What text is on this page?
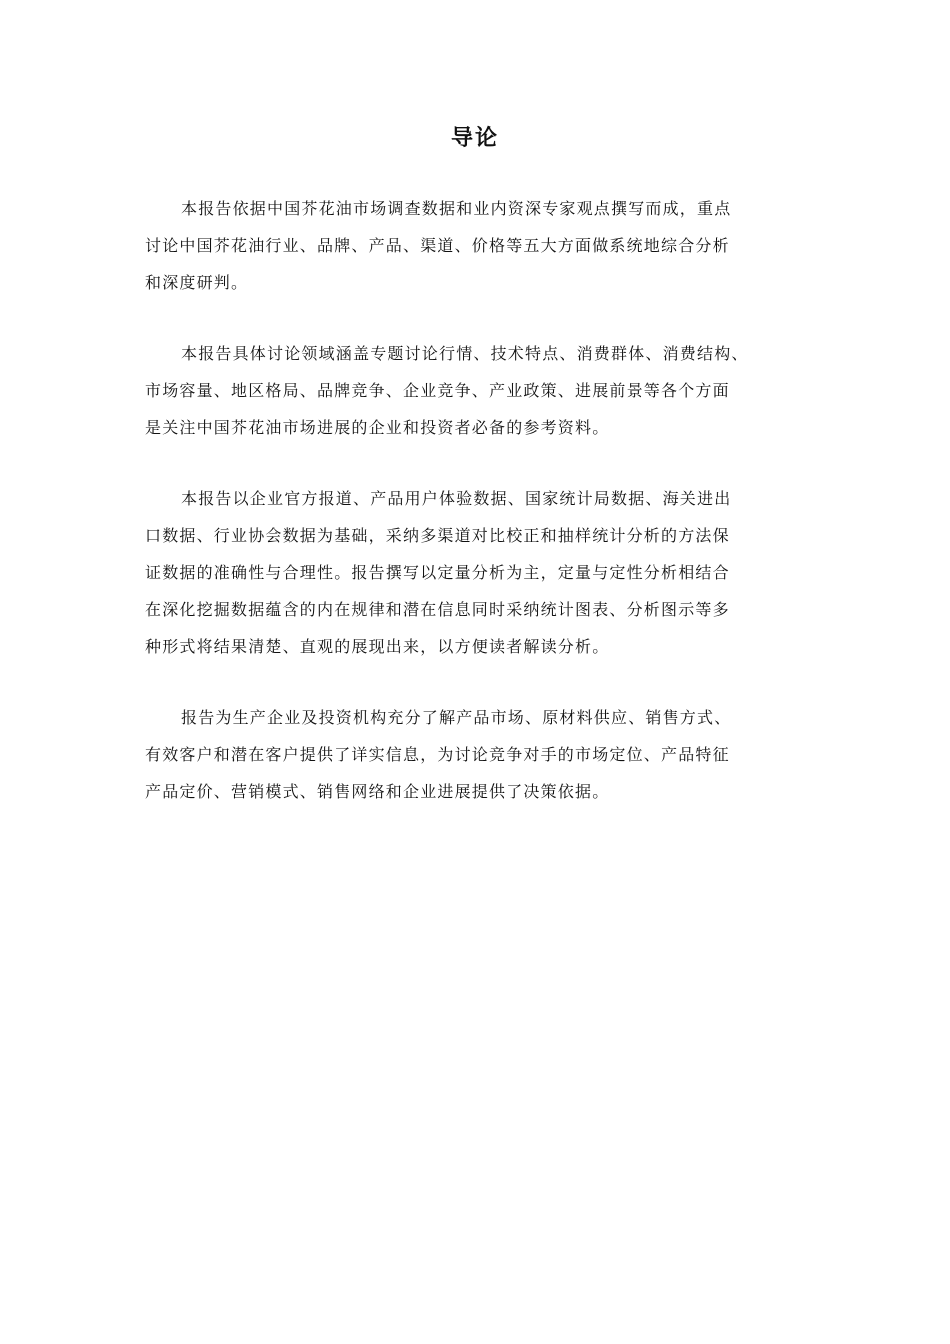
导论

本报告依据中国芥花油市场调查数据和业内资深专家观点撰写而成，重点
讨论中国芥花油行业、品牌、产品、渠道、价格等五大方面做系统地综合分析
和深度研判。

本报告具体讨论领域涵盖专题讨论行情、技术特点、消费群体、消费结构、
市场容量、地区格局、品牌竞争、企业竞争、产业政策、进展前景等各个方面
是关注中国芥花油市场进展的企业和投资者必备的参考资料。

本报告以企业官方报道、产品用户体验数据、国家统计局数据、海关进出
口数据、行业协会数据为基础，采纳多渠道对比校正和抽样统计分析的方法保
证数据的准确性与合理性。报告撰写以定量分析为主，定量与定性分析相结合
在深化挖掘数据蕴含的内在规律和潜在信息同时采纳统计图表、分析图示等多
种形式将结果清楚、直观的展现出来，以方便读者解读分析。

报告为生产企业及投资机构充分了解产品市场、原材料供应、销售方式、
有效客户和潜在客户提供了详实信息，为讨论竞争对手的市场定位、产品特征
产品定价、营销模式、销售网络和企业进展提供了决策依据。
